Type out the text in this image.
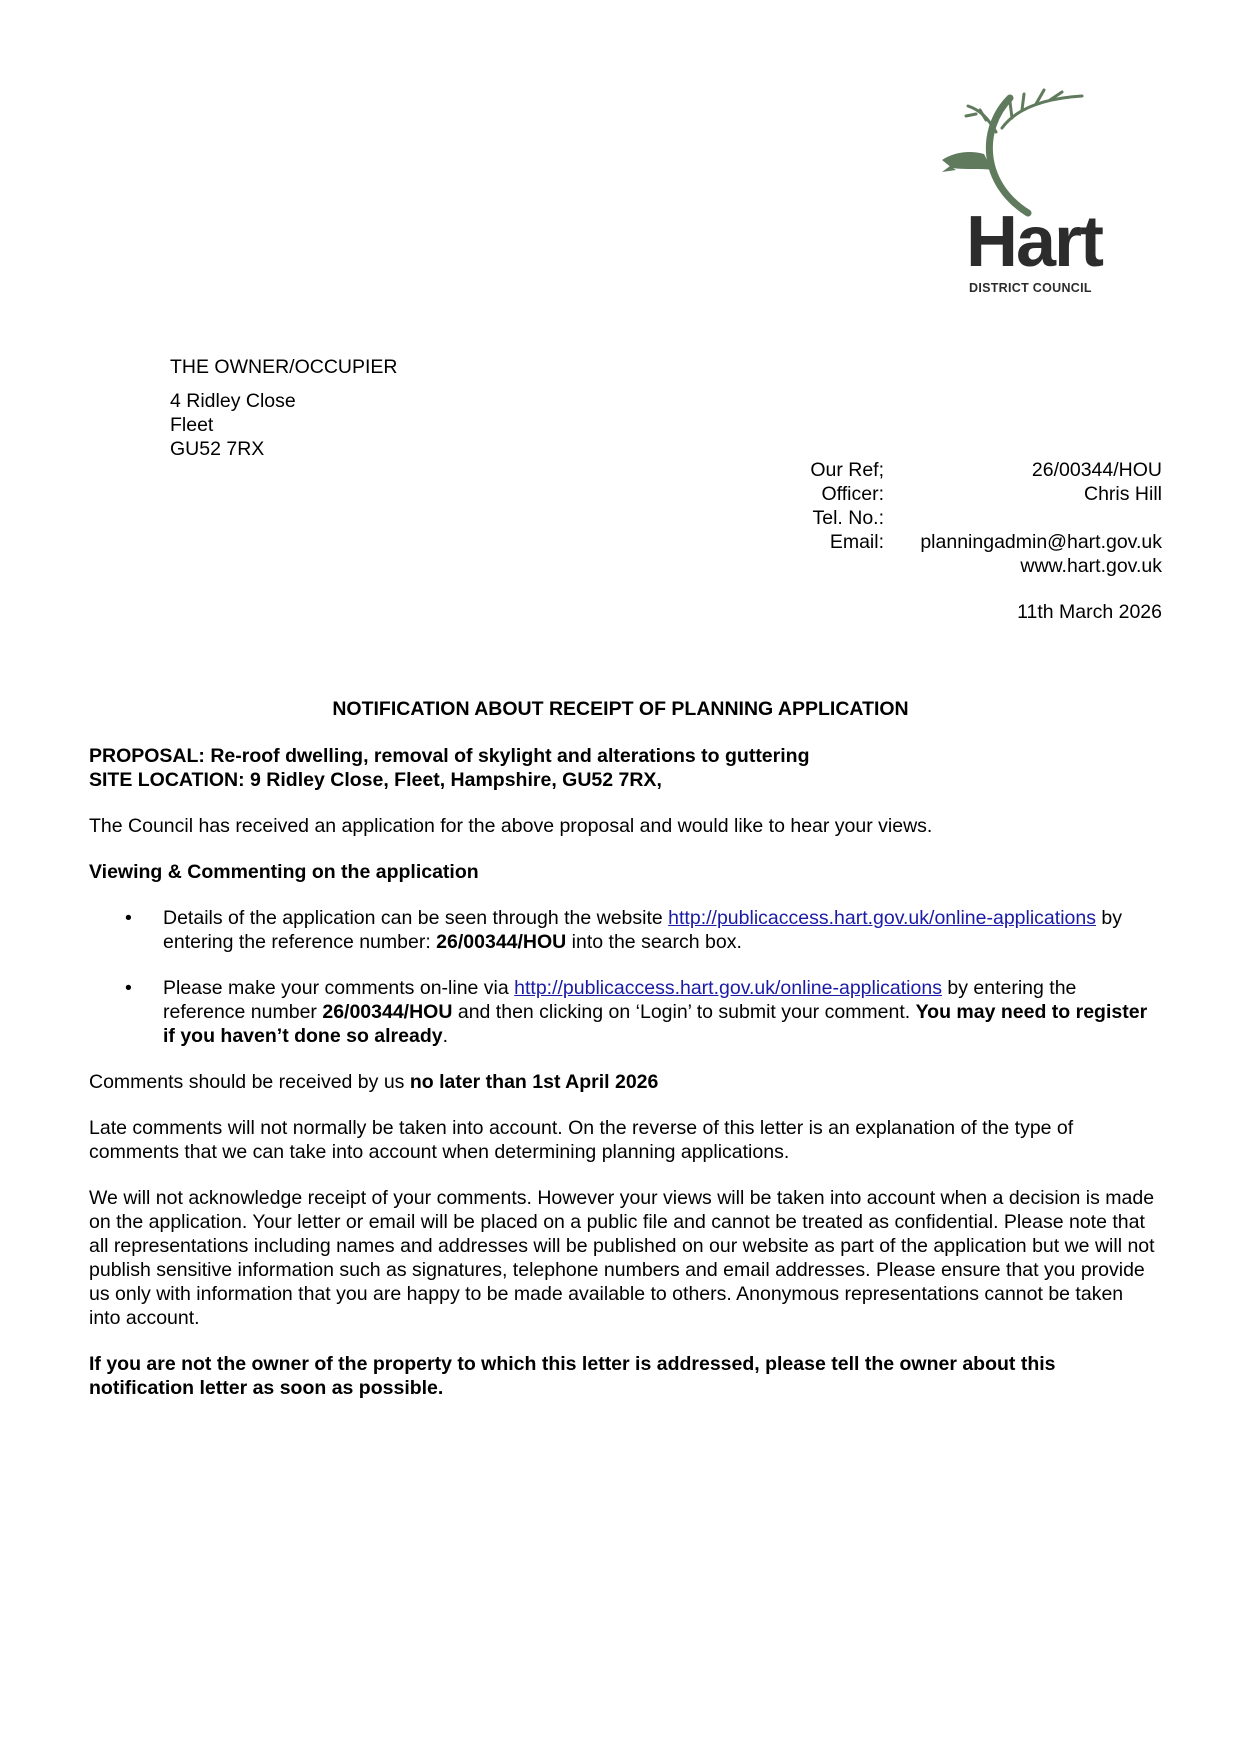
Hart
DISTRICT COUNCIL
THE OWNER/OCCUPIER
4 Ridley Close
Fleet
GU52 7RX
Our Ref;	26/00344/HOU
Officer:	Chris Hill
Tel. No.:
Email:	planningadmin@hart.gov.uk
www.hart.gov.uk
11th March 2026
NOTIFICATION ABOUT RECEIPT OF PLANNING APPLICATION

PROPOSAL: Re-roof dwelling, removal of skylight and alterations to guttering

SITE LOCATION: 9 Ridley Close, Fleet, Hampshire, GU52 7RX,

The Council has received an application for the above proposal and would like to hear your views.

Viewing & Commenting on the application

• Details of the application can be seen through the website http://publicaccess.hart.gov.uk/online-applications by entering the reference number: 26/00344/HOU into the search box.

• Please make your comments on-line via http://publicaccess.hart.gov.uk/online-applications by entering the reference number 26/00344/HOU and then clicking on ‘Login’ to submit your comment. You may need to register if you haven’t done so already.

Comments should be received by us no later than 1st April 2026

Late comments will not normally be taken into account. On the reverse of this letter is an explanation of the type of comments that we can take into account when determining planning applications.

We will not acknowledge receipt of your comments. However your views will be taken into account when a decision is made on the application. Your letter or email will be placed on a public file and cannot be treated as confidential. Please note that all representations including names and addresses will be published on our website as part of the application but we will not publish sensitive information such as signatures, telephone numbers and email addresses. Please ensure that you provide us only with information that you are happy to be made available to others. Anonymous representations cannot be taken into account.

If you are not the owner of the property to which this letter is addressed, please tell the owner about this notification letter as soon as possible.
